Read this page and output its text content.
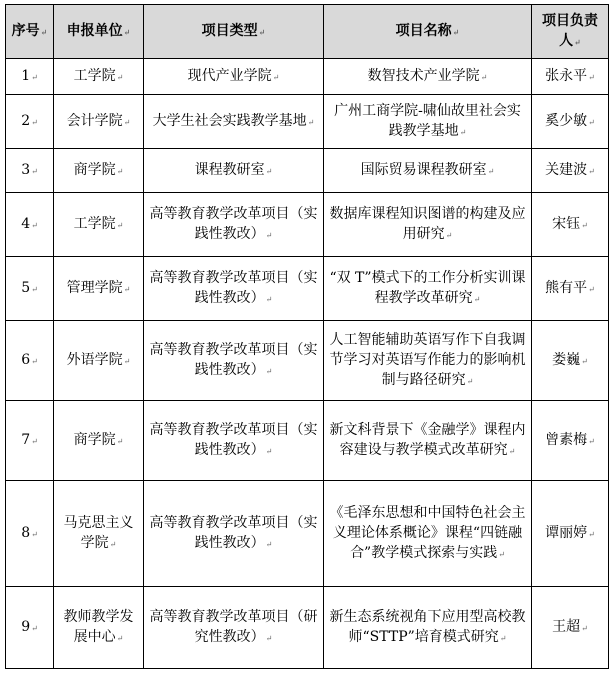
序号 ↵	申报单位 ↵	项目类型 ↵	项目名称 ↵	项目负责人 ↵
1 ↵	工学院 ↵	现代产业学院 ↵	数智技术产业学院 ↵	张永平 ↵
2 ↵	会计学院 ↵	大学生社会实践教学基地 ↵	广州工商学院-啸仙故里社会实践教学基地 ↵	奚少敏 ↵
3 ↵	商学院 ↵	课程教研室 ↵	国际贸易课程教研室 ↵	关建波 ↵
4 ↵	工学院 ↵	高等教育教学改革项目（实践性教改） ↵	数据库课程知识图谱的构建及应用研究 ↵	宋钰 ↵
5 ↵	管理学院 ↵	高等教育教学改革项目（实践性教改） ↵	“双 T”模式下的工作分析实训课程教学改革研究 ↵	熊有平 ↵
6 ↵	外语学院 ↵	高等教育教学改革项目（实践性教改） ↵	人工智能辅助英语写作下自我调节学习对英语写作能力的影响机制与路径研究 ↵	娄巍 ↵
7 ↵	商学院 ↵	高等教育教学改革项目（实践性教改） ↵	新文科背景下《金融学》课程内容建设与教学模式改革研究 ↵	曾素梅 ↵
8 ↵	马克思主义学院 ↵	高等教育教学改革项目（实践性教改） ↵	《毛泽东思想和中国特色社会主义理论体系概论》课程“四链融合”教学模式探索与实践 ↵	谭丽婷 ↵
9 ↵	教师教学发展中心 ↵	高等教育教学改革项目（研究性教改） ↵	新生态系统视角下应用型高校教师“STTP”培育模式研究 ↵	王超 ↵
